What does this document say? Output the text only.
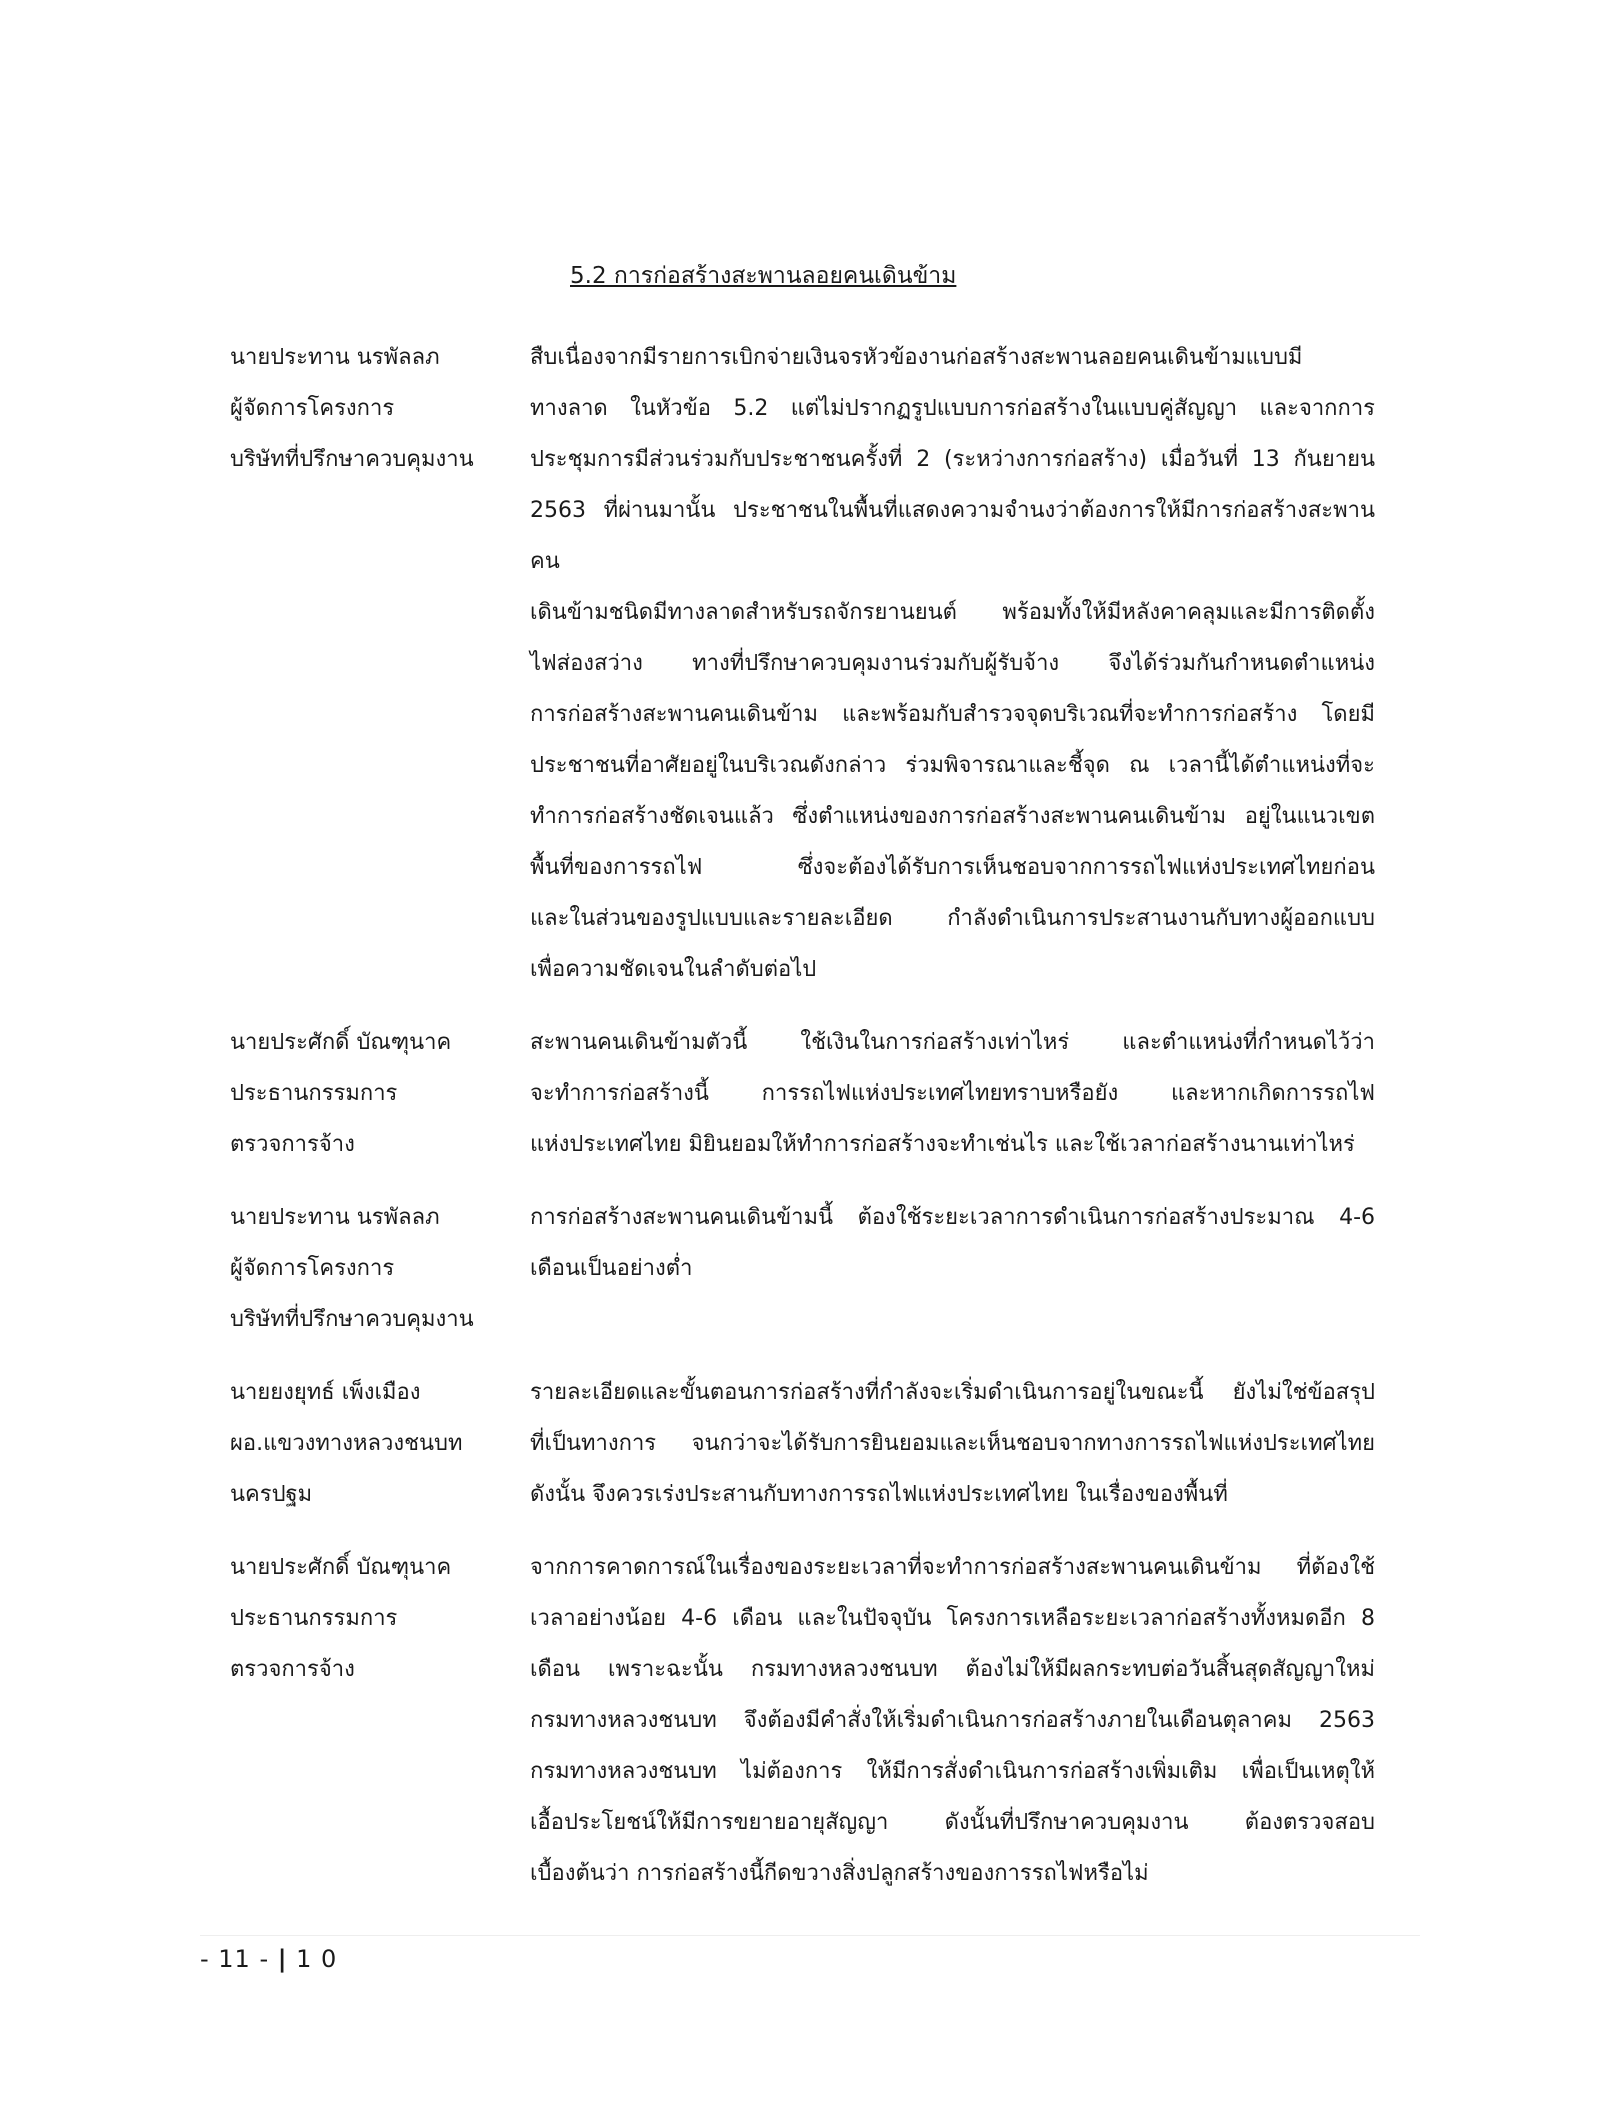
5.2 การก่อสร้างสะพานลอยคนเดินข้าม
นายประทาน นรพัลลภ
ผู้จัดการโครงการ
บริษัทที่ปรึกษาควบคุมงาน
สืบเนื่องจากมีรายการเบิกจ่ายเงินจรหัวข้องานก่อสร้างสะพานลอยคนเดินข้ามแบบมี
ทางลาด ในหัวข้อ 5.2 แต่ไม่ปรากฏรูปแบบการก่อสร้างในแบบคู่สัญญา และจากการ
ประชุมการมีส่วนร่วมกับประชาชนครั้งที่ 2 (ระหว่างการก่อสร้าง) เมื่อวันที่ 13 กันยายน
2563 ที่ผ่านมานั้น ประชาชนในพื้นที่แสดงความจำนงว่าต้องการให้มีการก่อสร้างสะพานคน
เดินข้ามชนิดมีทางลาดสำหรับรถจักรยานยนต์ พร้อมทั้งให้มีหลังคาคลุมและมีการติดตั้ง
ไฟส่องสว่าง ทางที่ปรึกษาควบคุมงานร่วมกับผู้รับจ้าง จึงได้ร่วมกันกำหนดตำแหน่ง
การก่อสร้างสะพานคนเดินข้าม และพร้อมกับสำรวจจุดบริเวณที่จะทำการก่อสร้าง โดยมี
ประชาชนที่อาศัยอยู่ในบริเวณดังกล่าว ร่วมพิจารณาและชี้จุด ณ เวลานี้ได้ตำแหน่งที่จะ
ทำการก่อสร้างชัดเจนแล้ว ซึ่งตำแหน่งของการก่อสร้างสะพานคนเดินข้าม อยู่ในแนวเขต
พื้นที่ของการรถไฟ ซึ่งจะต้องได้รับการเห็นชอบจากการรถไฟแห่งประเทศไทยก่อน
และในส่วนของรูปแบบและรายละเอียด กำลังดำเนินการประสานงานกับทางผู้ออกแบบ
เพื่อความชัดเจนในลำดับต่อไป
นายประศักดิ์ บัณฑุนาค
ประธานกรรมการ
ตรวจการจ้าง
สะพานคนเดินข้ามตัวนี้ ใช้เงินในการก่อสร้างเท่าไหร่ และตำแหน่งที่กำหนดไว้ว่า
จะทำการก่อสร้างนี้ การรถไฟแห่งประเทศไทยทราบหรือยัง และหากเกิดการรถไฟ
แห่งประเทศไทย มิยินยอมให้ทำการก่อสร้างจะทำเช่นไร และใช้เวลาก่อสร้างนานเท่าไหร่
นายประทาน นรพัลลภ
ผู้จัดการโครงการ
บริษัทที่ปรึกษาควบคุมงาน
การก่อสร้างสะพานคนเดินข้ามนี้ ต้องใช้ระยะเวลาการดำเนินการก่อสร้างประมาณ 4-6
เดือนเป็นอย่างต่ำ
นายยงยุทธ์ เพ็งเมือง
ผอ.แขวงทางหลวงชนบท
นครปฐม
รายละเอียดและขั้นตอนการก่อสร้างที่กำลังจะเริ่มดำเนินการอยู่ในขณะนี้ ยังไม่ใช่ข้อสรุป
ที่เป็นทางการ จนกว่าจะได้รับการยินยอมและเห็นชอบจากทางการรถไฟแห่งประเทศไทย
ดังนั้น จึงควรเร่งประสานกับทางการรถไฟแห่งประเทศไทย ในเรื่องของพื้นที่
นายประศักดิ์ บัณฑุนาค
ประธานกรรมการ
ตรวจการจ้าง
จากการคาดการณ์ในเรื่องของระยะเวลาที่จะทำการก่อสร้างสะพานคนเดินข้าม ที่ต้องใช้
เวลาอย่างน้อย 4-6 เดือน และในปัจจุบัน โครงการเหลือระยะเวลาก่อสร้างทั้งหมดอีก 8
เดือน เพราะฉะนั้น กรมทางหลวงชนบท ต้องไม่ให้มีผลกระทบต่อวันสิ้นสุดสัญญาใหม่
กรมทางหลวงชนบท จึงต้องมีคำสั่งให้เริ่มดำเนินการก่อสร้างภายในเดือนตุลาคม 2563
กรมทางหลวงชนบท ไม่ต้องการ ให้มีการสั่งดำเนินการก่อสร้างเพิ่มเติม เพื่อเป็นเหตุให้
เอื้อประโยชน์ให้มีการขยายอายุสัญญา ดังนั้นที่ปรึกษาควบคุมงาน ต้องตรวจสอบ
เบื้องต้นว่า การก่อสร้างนี้กีดขวางสิ่งปลูกสร้างของการรถไฟหรือไม่
- 11 - | 1 0
